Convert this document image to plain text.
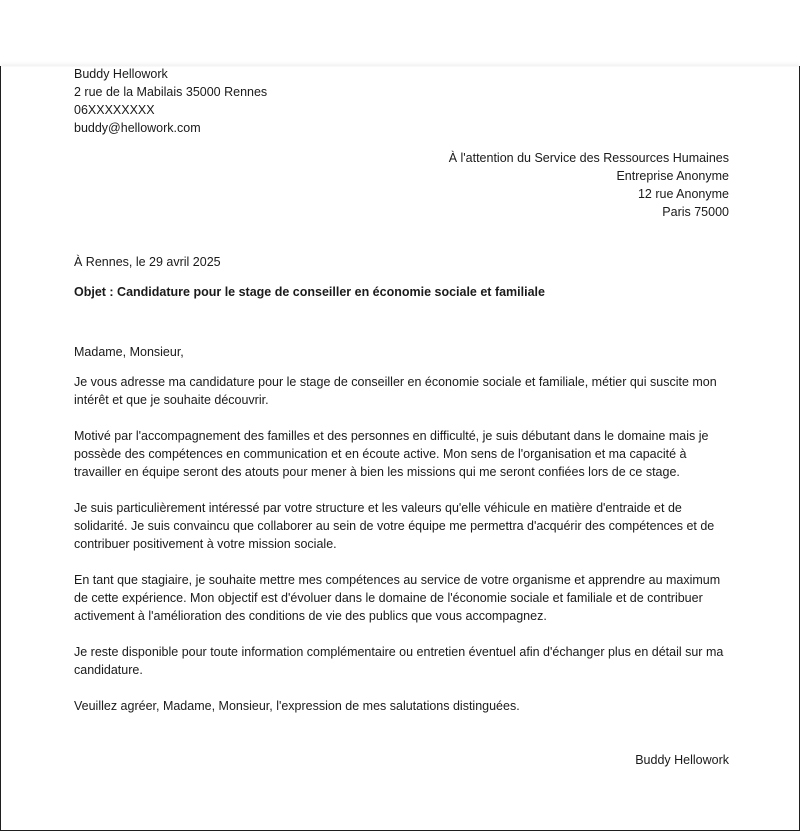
Buddy Hellowork
2 rue de la Mabilais 35000 Rennes
06XXXXXXXX
buddy@hellowork.com
À l'attention du Service des Ressources Humaines
Entreprise Anonyme
12 rue Anonyme
Paris 75000
À Rennes, le 29 avril 2025
Objet : Candidature pour le stage de conseiller en économie sociale et familiale
Madame, Monsieur,

Je vous adresse ma candidature pour le stage de conseiller en économie sociale et familiale, métier qui suscite mon intérêt et que je souhaite découvrir.

Motivé par l'accompagnement des familles et des personnes en difficulté, je suis débutant dans le domaine mais je possède des compétences en communication et en écoute active. Mon sens de l'organisation et ma capacité à travailler en équipe seront des atouts pour mener à bien les missions qui me seront confiées lors de ce stage.

Je suis particulièrement intéressé par votre structure et les valeurs qu'elle véhicule en matière d'entraide et de solidarité. Je suis convaincu que collaborer au sein de votre équipe me permettra d'acquérir des compétences et de contribuer positivement à votre mission sociale.

En tant que stagiaire, je souhaite mettre mes compétences au service de votre organisme et apprendre au maximum de cette expérience. Mon objectif est d'évoluer dans le domaine de l'économie sociale et familiale et de contribuer activement à l'amélioration des conditions de vie des publics que vous accompagnez.

Je reste disponible pour toute information complémentaire ou entretien éventuel afin d'échanger plus en détail sur ma candidature.

Veuillez agréer, Madame, Monsieur, l'expression de mes salutations distinguées.
Buddy Hellowork
